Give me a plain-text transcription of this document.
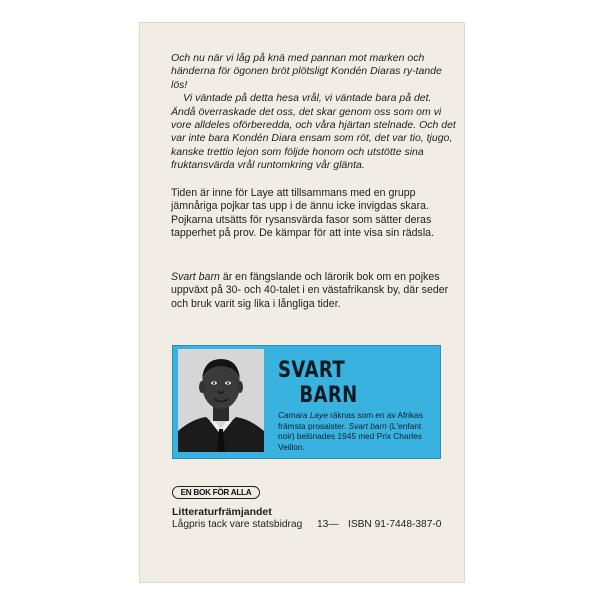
Och nu när vi låg på knä med pannan mot marken och händerna för ögonen bröt plötsligt Kondén Diaras ry-tande lös!

Vi väntade på detta hesa vrål, vi väntade bara på det. Ändå överraskade det oss, det skar genom oss som om vi vore alldeles oförberedda, och våra hjärtan stelnade. Och det var inte bara Kondén Diara ensam som röt, det var tio, tjugo, kanske trettio lejon som följde honom och utstötte sina fruktansvärda vrål runtomkring vår glänta.

Tiden är inne för Laye att tillsammans med en grupp jämnåriga pojkar tas upp i de ännu icke invigdas skara. Pojkarna utsätts för rysansvärda fasor som sätter deras tapperhet på prov. De kämpar för att inte visa sin rädsla.

Svart barn är en fängslande och lärorik bok om en pojkes uppväxt på 30- och 40-talet i en västafrikansk by, där seder och bruk varit sig lika i långliga tider.

SVART
BARN
Camara Laye räknas som en av Afrikas främsta prosaister. Svart barn (L'enfant noir) belönades 1945 med Prix Charles Veillon.
EN BOK FÖR ALLA
Litteraturfrämjandet
Lågpris tack vare statsbidrag 13— ISBN 91-7448-387-0
